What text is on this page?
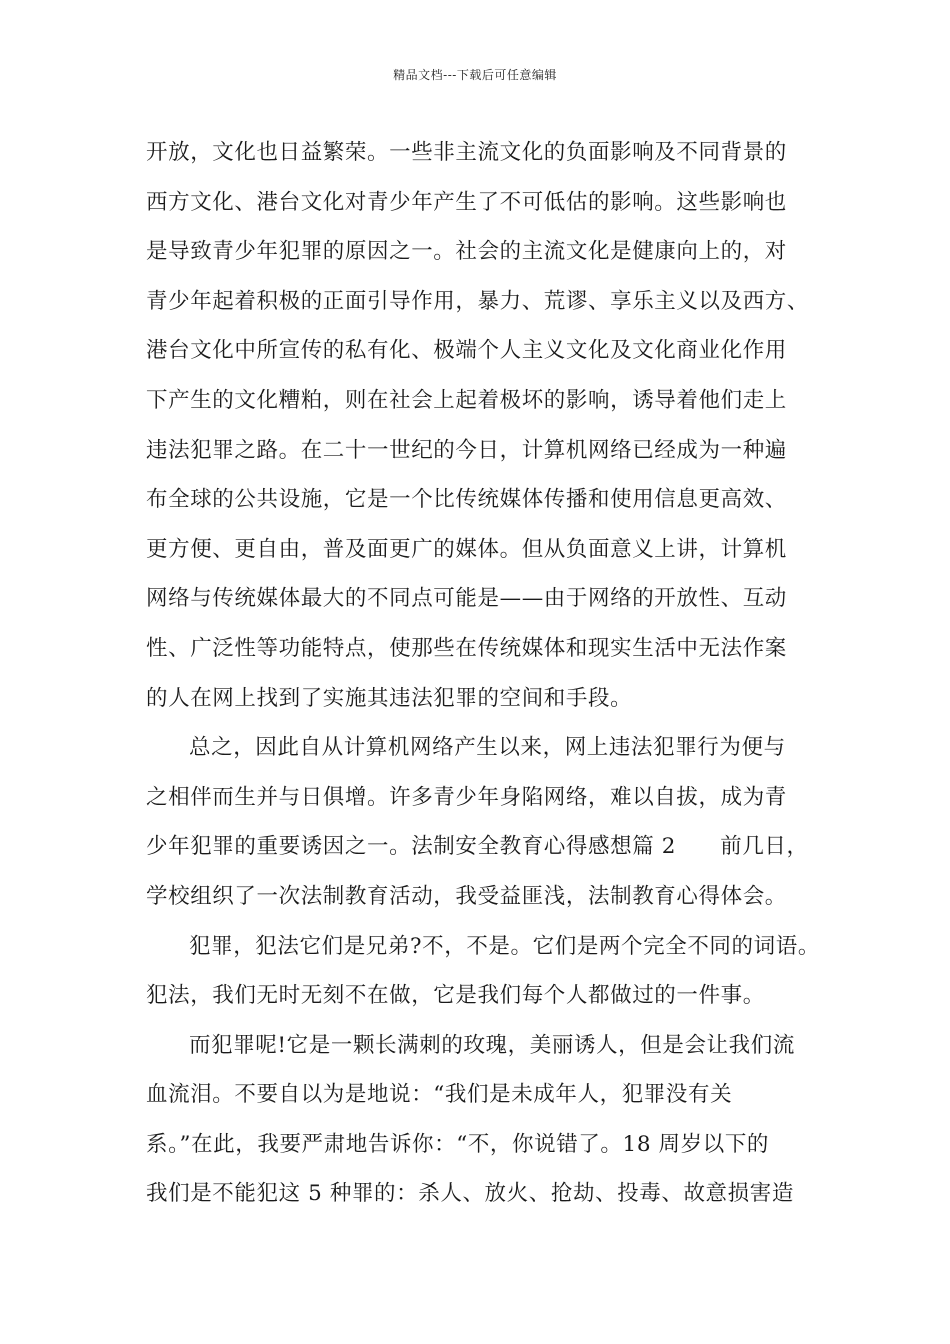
精品文档---下载后可任意编辑
开放，文化也日益繁荣。一些非主流文化的负面影响及不同背景的
西方文化、港台文化对青少年产生了不可低估的影响。这些影响也
是导致青少年犯罪的原因之一。社会的主流文化是健康向上的，对
青少年起着积极的正面引导作用，暴力、荒谬、享乐主义以及西方、
港台文化中所宣传的私有化、极端个人主义文化及文化商业化作用
下产生的文化糟粕，则在社会上起着极坏的影响，诱导着他们走上
违法犯罪之路。在二十一世纪的今日，计算机网络已经成为一种遍
布全球的公共设施，它是一个比传统媒体传播和使用信息更高效、
更方便、更自由，普及面更广的媒体。但从负面意义上讲，计算机
网络与传统媒体最大的不同点可能是——由于网络的开放性、互动
性、广泛性等功能特点，使那些在传统媒体和现实生活中无法作案
的人在网上找到了实施其违法犯罪的空间和手段。
总之，因此自从计算机网络产生以来，网上违法犯罪行为便与
之相伴而生并与日俱增。许多青少年身陷网络，难以自拔，成为青
少年犯罪的重要诱因之一。法制安全教育心得感想篇 2　　前几日，
学校组织了一次法制教育活动，我受益匪浅，法制教育心得体会。
犯罪，犯法它们是兄弟?不，不是。它们是两个完全不同的词语。
犯法，我们无时无刻不在做，它是我们每个人都做过的一件事。
而犯罪呢!它是一颗长满刺的玫瑰，美丽诱人，但是会让我们流
血流泪。不要自以为是地说：“我们是未成年人，犯罪没有关
系。”在此，我要严肃地告诉你：“不，你说错了。18 周岁以下的
我们是不能犯这 5 种罪的：杀人、放火、抢劫、投毒、故意损害造
